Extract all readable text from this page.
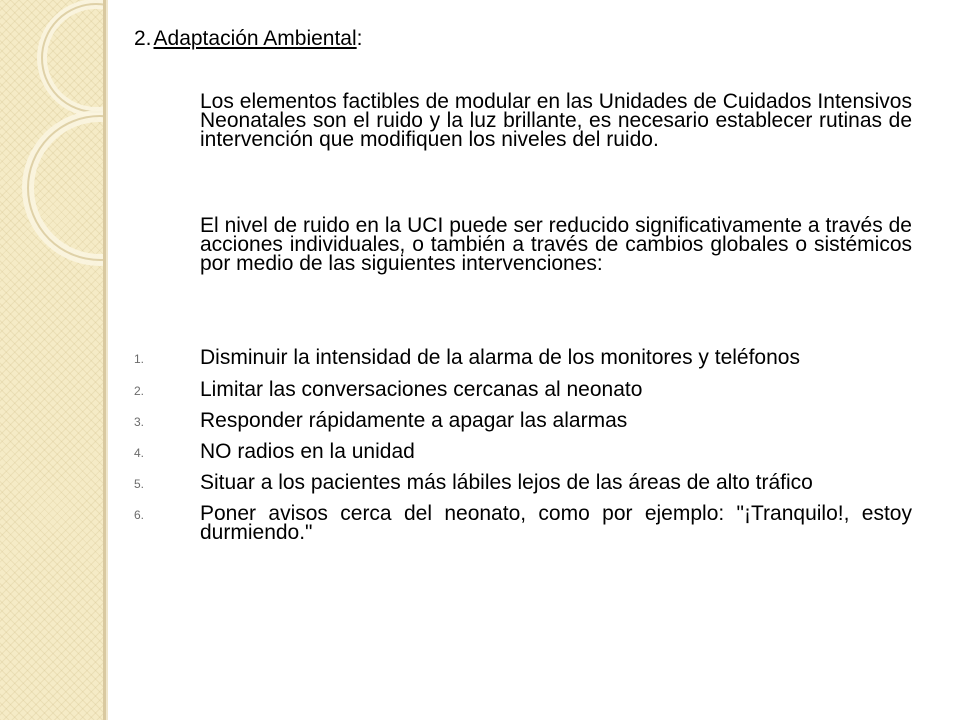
2.Adaptación Ambiental:
Los elementos factibles de modular en las Unidades de Cuidados Intensivos Neonatales son el ruido y la luz brillante, es necesario establecer rutinas de intervención que modifiquen los niveles del ruido.
El nivel de ruido en la UCI puede ser reducido significativamente a través de acciones individuales, o también a través de cambios globales o sistémicos por medio de las siguientes intervenciones:
1.	Disminuir la intensidad de la alarma de los monitores y teléfonos
2.	Limitar las conversaciones cercanas al neonato
3.	Responder rápidamente a apagar las alarmas
4.	NO radios en la unidad
5.	Situar a los pacientes más lábiles lejos de las áreas de alto tráfico
6.	Poner avisos cerca del neonato, como por ejemplo: "¡Tranquilo!, estoy durmiendo."
